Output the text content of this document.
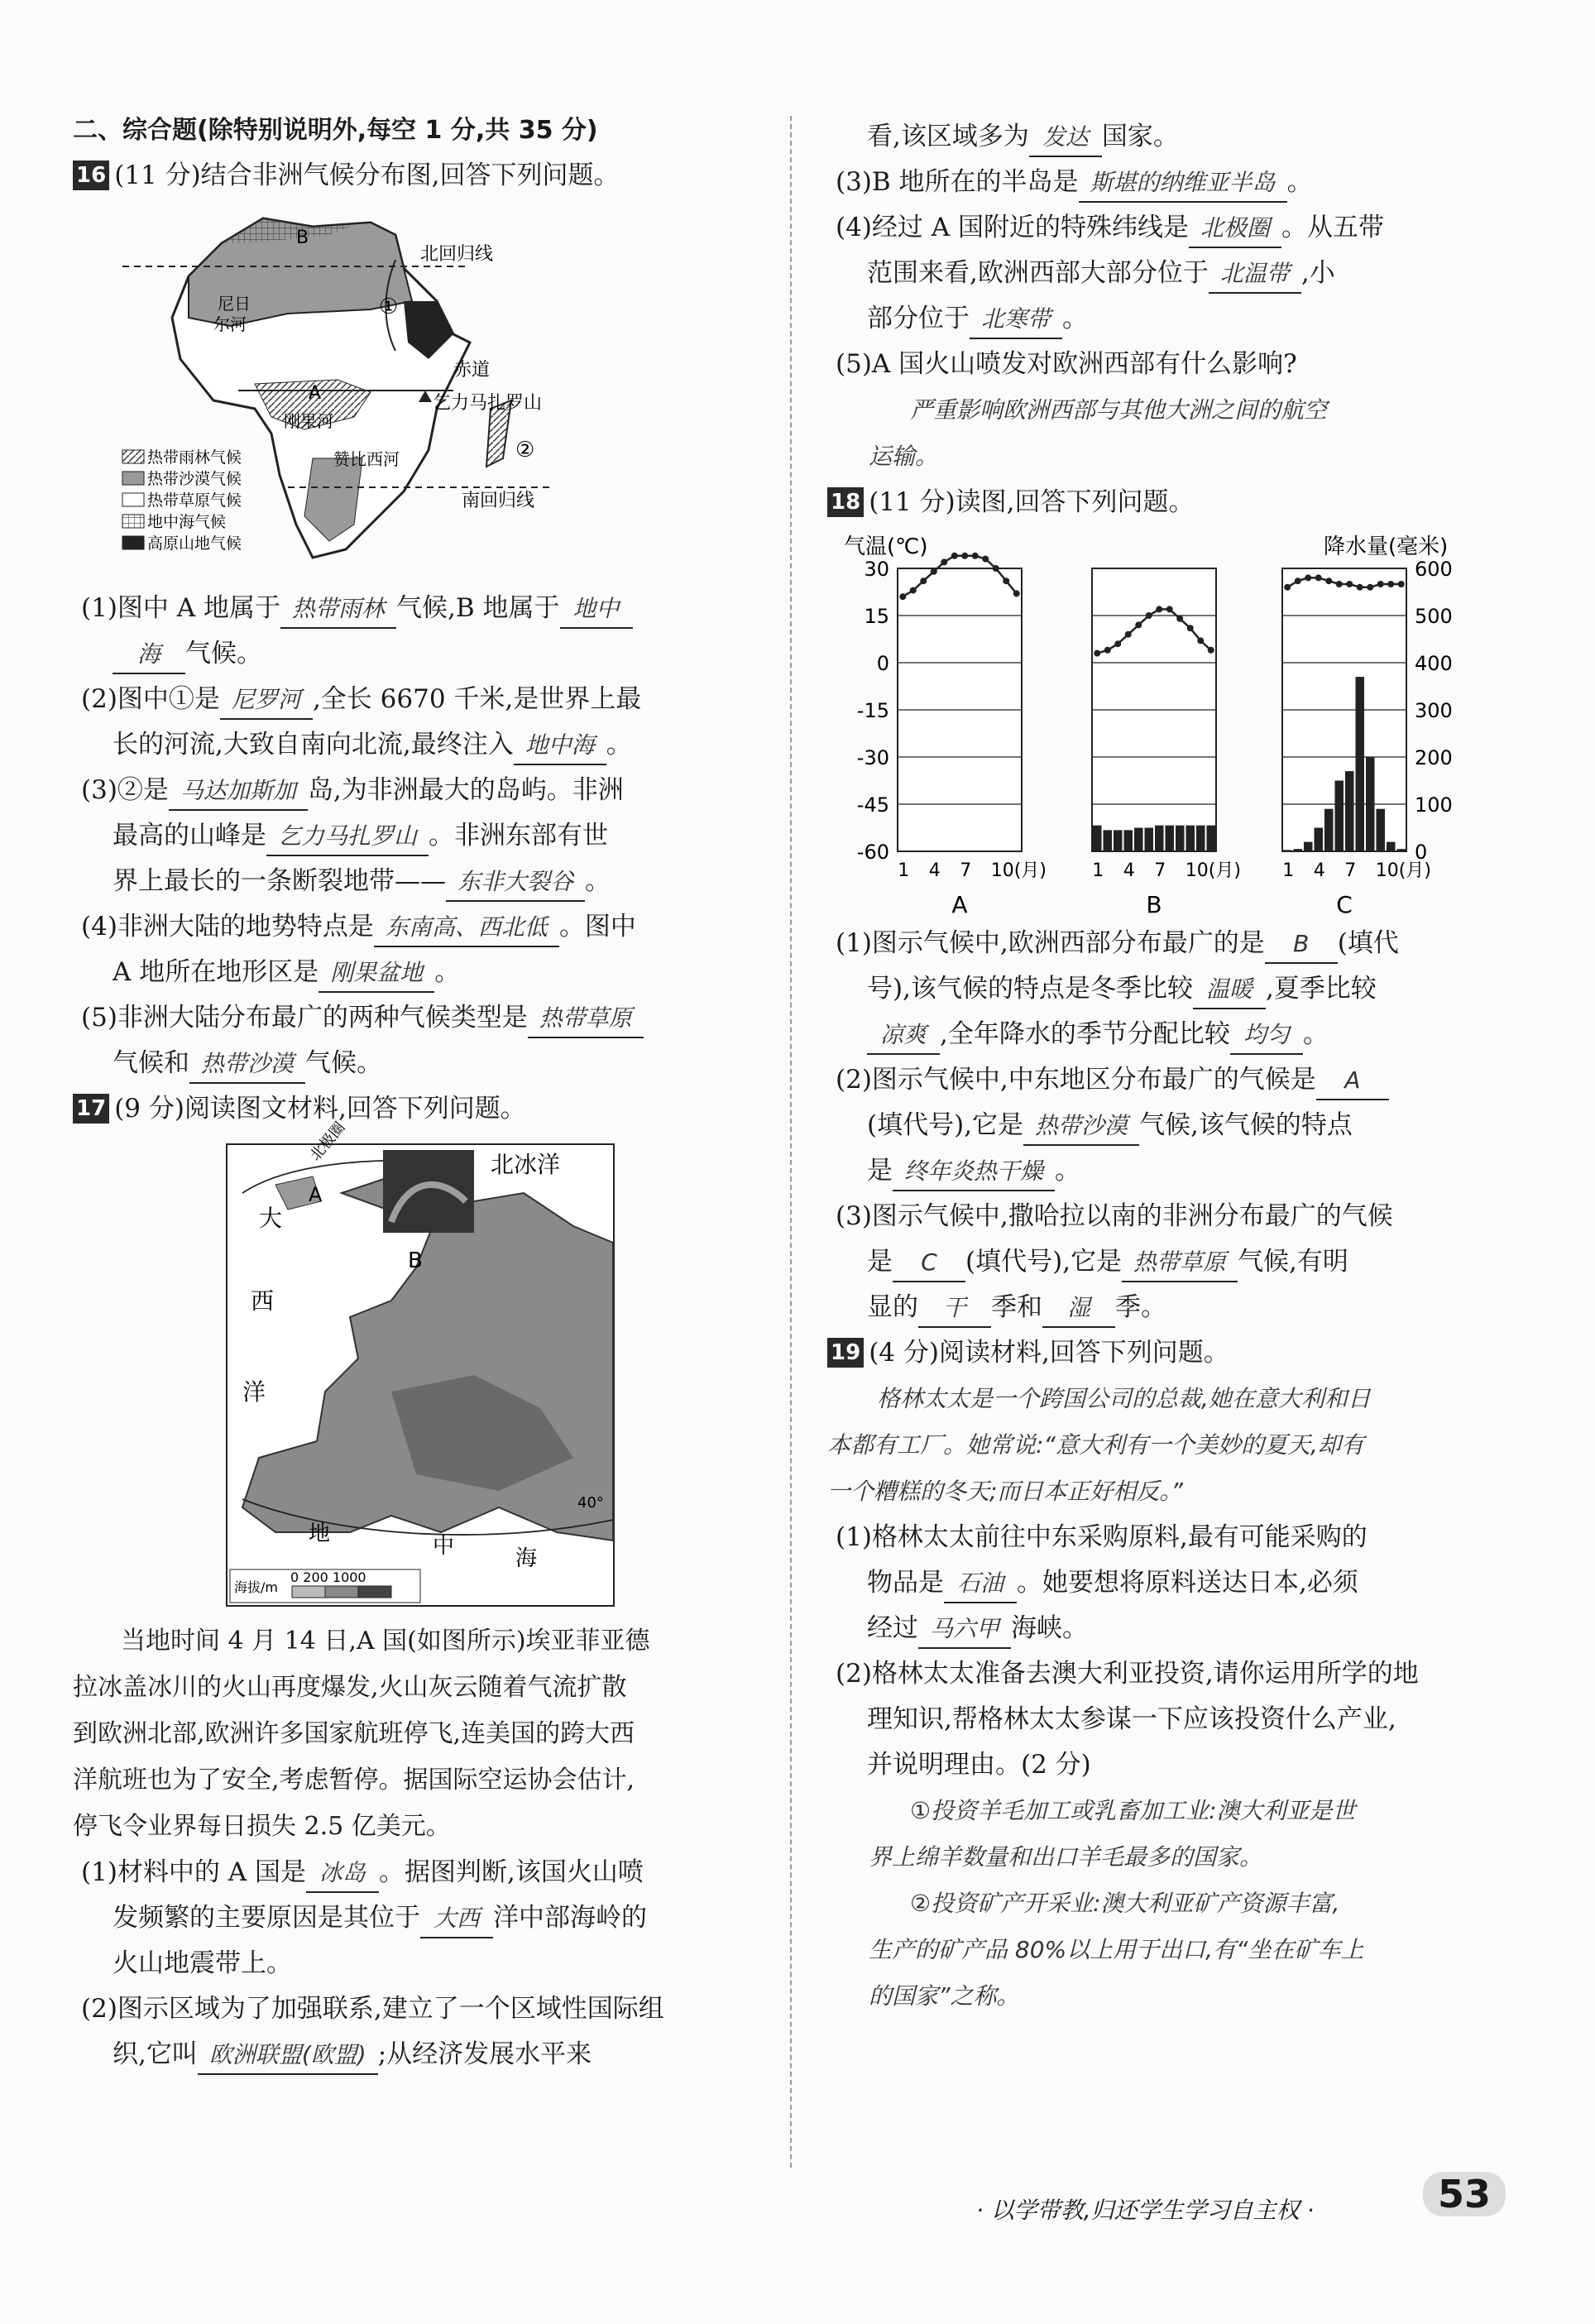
二、综合题(除特别说明外,每空 1 分,共 35 分)
16 (11 分)结合非洲气候分布图,回答下列问题。
B
北回归线
尼日
尔河
①
赤道
A	乞力马扎罗山
刚果河
赞比西河	②
南回归线
热带雨林气候
热带沙漠气候
热带草原气候
地中海气候
高原山地气候
(1)图中 A 地属于 热带雨林 气候,B 地属于 地中
海 气候。
(2)图中①是 尼罗河 ,全长 6670 千米,是世界上最
长的河流,大致自南向北流,最终注入 地中海 。
(3)②是 马达加斯加 岛,为非洲最大的岛屿。非洲
最高的山峰是 乞力马扎罗山 。非洲东部有世
界上最长的一条断裂地带—— 东非大裂谷 。
(4)非洲大陆的地势特点是 东南高、西北低 。图中
A 地所在地形区是 刚果盆地 。
(5)非洲大陆分布最广的两种气候类型是 热带草原
气候和 热带沙漠 气候。
17 (9 分)阅读图文材料,回答下列问题。
北冰洋
北极圈
A
B
大
西
洋
地	中	海
40°
海拔/m
0 200 1000
当地时间 4 月 14 日,A 国(如图所示)埃亚菲亚德
拉冰盖冰川的火山再度爆发,火山灰云随着气流扩散
到欧洲北部,欧洲许多国家航班停飞,连美国的跨大西
洋航班也为了安全,考虑暂停。据国际空运协会估计,
停飞令业界每日损失 2.5 亿美元。
(1)材料中的 A 国是 冰岛 。据图判断,该国火山喷
发频繁的主要原因是其位于 大西 洋中部海岭的
火山地震带上。
(2)图示区域为了加强联系,建立了一个区域性国际组
织,它叫 欧洲联盟(欧盟) ;从经济发展水平来
看,该区域多为 发达 国家。
(3)B 地所在的半岛是 斯堪的纳维亚半岛 。
(4)经过 A 国附近的特殊纬线是 北极圈 。从五带
范围来看,欧洲西部大部分位于 北温带 ,小
部分位于 北寒带 。
(5)A 国火山喷发对欧洲西部有什么影响?
严重影响欧洲西部与其他大洲之间的航空
运输。
18 (11 分)读图,回答下列问题。
气温(℃)	降水量(毫米)
30
15
0
-15
-30
-45
-60
600
500
400
300
200
100
0
1 4 7 10(月)
A
1 4 7 10(月)
B
1 4 7 10(月)
C
(1)图示气候中,欧洲西部分布最广的是 B (填代
号),该气候的特点是冬季比较 温暖 ,夏季比较
凉爽 ,全年降水的季节分配比较 均匀 。
(2)图示气候中,中东地区分布最广的气候是 A
(填代号),它是 热带沙漠 气候,该气候的特点
是 终年炎热干燥 。
(3)图示气候中,撒哈拉以南的非洲分布最广的气候
是 C (填代号),它是 热带草原 气候,有明
显的 干 季和 湿 季。
19 (4 分)阅读材料,回答下列问题。
格林太太是一个跨国公司的总裁,她在意大利和日
本都有工厂。她常说:“意大利有一个美妙的夏天,却有
一个糟糕的冬天;而日本正好相反。”
(1)格林太太前往中东采购原料,最有可能采购的
物品是 石油 。她要想将原料送达日本,必须
经过 马六甲 海峡。
(2)格林太太准备去澳大利亚投资,请你运用所学的地
理知识,帮格林太太参谋一下应该投资什么产业,
并说明理由。(2 分)
①投资羊毛加工或乳畜加工业:澳大利亚是世
界上绵羊数量和出口羊毛最多的国家。
②投资矿产开采业:澳大利亚矿产资源丰富,
生产的矿产品 80%以上用于出口,有“坐在矿车上
的国家”之称。
· 以学带教,归还学生学习自主权 ·	53
